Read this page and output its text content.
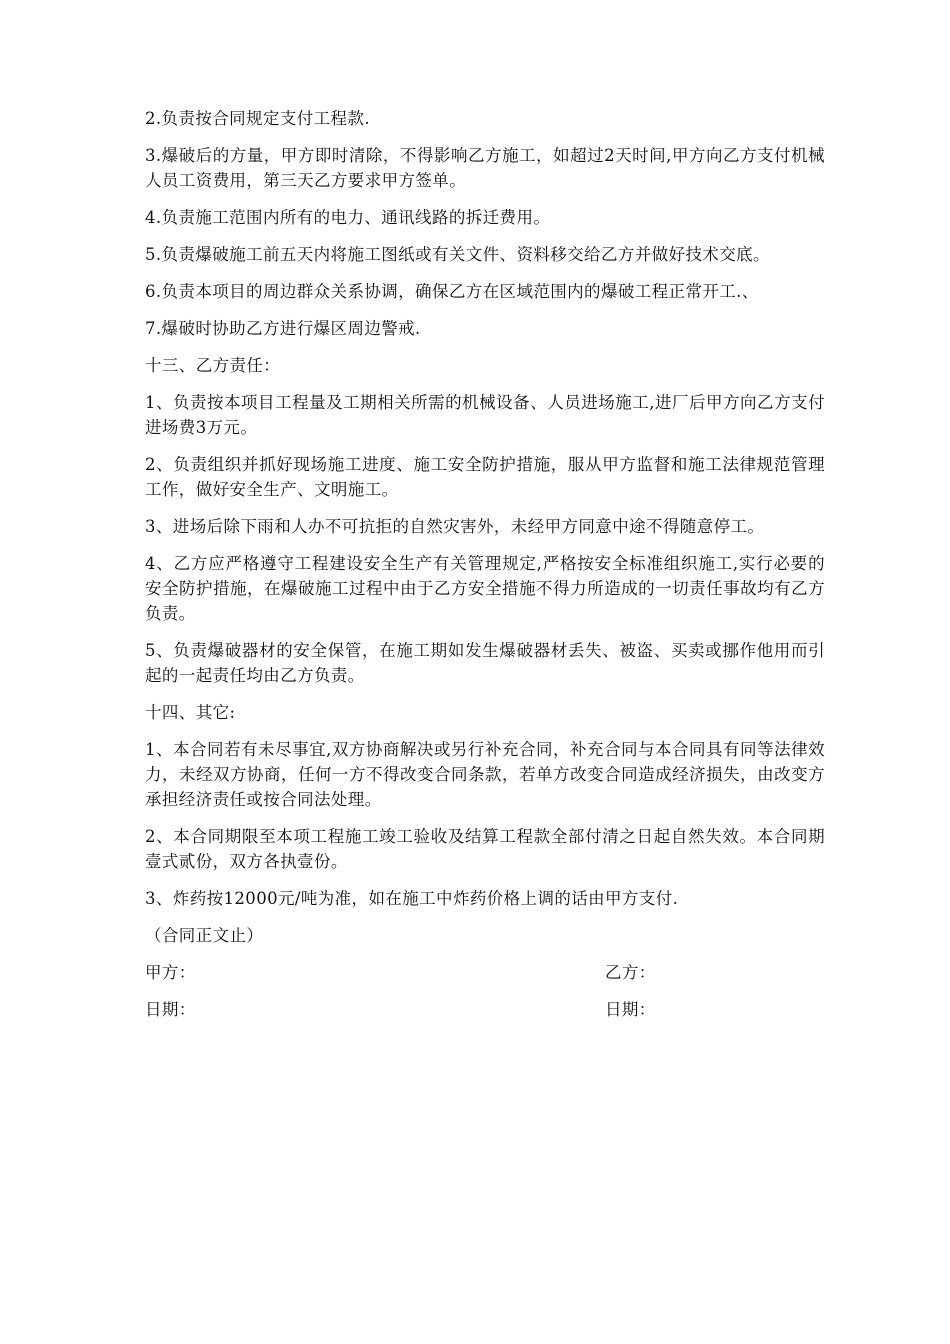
2.负责按合同规定支付工程款.

3.爆破后的方量，甲方即时清除，不得影响乙方施工，如超过2天时间,甲方向乙方支付机械人员工资费用，第三天乙方要求甲方签单。

4.负责施工范围内所有的电力、通讯线路的拆迁费用。

5.负责爆破施工前五天内将施工图纸或有关文件、资料移交给乙方并做好技术交底。

6.负责本项目的周边群众关系协调，确保乙方在区域范围内的爆破工程正常开工.、

7.爆破时协助乙方进行爆区周边警戒.

十三、乙方责任：

1、负责按本项目工程量及工期相关所需的机械设备、人员进场施工,进厂后甲方向乙方支付进场费3万元。

2、负责组织并抓好现场施工进度、施工安全防护措施，服从甲方监督和施工法律规范管理工作，做好安全生产、文明施工。

3、进场后除下雨和人办不可抗拒的自然灾害外，未经甲方同意中途不得随意停工。

4、乙方应严格遵守工程建设安全生产有关管理规定,严格按安全标准组织施工,实行必要的安全防护措施，在爆破施工过程中由于乙方安全措施不得力所造成的一切责任事故均有乙方负责。

5、负责爆破器材的安全保管，在施工期如发生爆破器材丢失、被盗、买卖或挪作他用而引起的一起责任均由乙方负责。

十四、其它:

1、本合同若有未尽事宜,双方协商解决或另行补充合同，补充合同与本合同具有同等法律效力，未经双方协商，任何一方不得改变合同条款，若单方改变合同造成经济损失，由改变方承担经济责任或按合同法处理。

2、本合同期限至本项工程施工竣工验收及结算工程款全部付清之日起自然失效。本合同期壹式贰份，双方各执壹份。

3、炸药按12000元/吨为准，如在施工中炸药价格上调的话由甲方支付.

（合同正文止）

甲方：	乙方：
日期：	日期：
